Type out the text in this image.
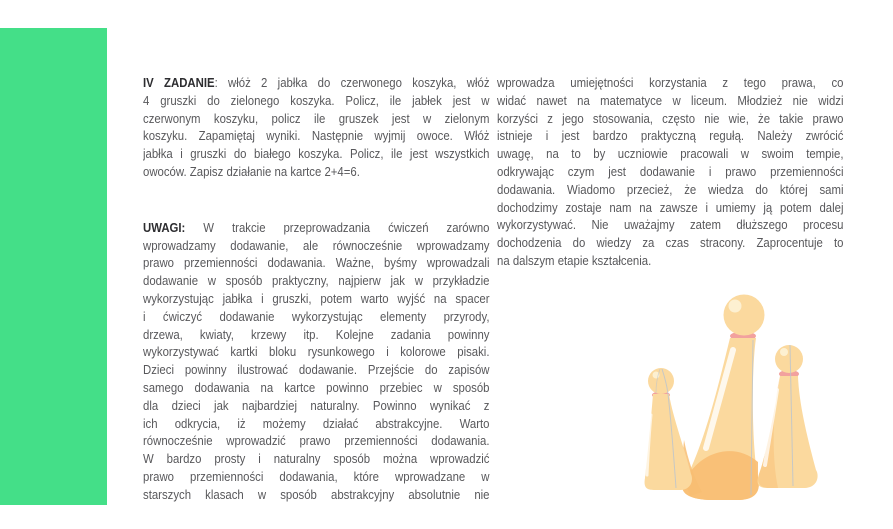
IV ZADANIE: włóż 2 jabłka do czerwonego koszyka, włóż
4 gruszki do zielonego koszyka. Policz, ile jabłek jest w
czerwonym koszyku, policz ile gruszek jest w zielonym
koszyku. Zapamiętaj wyniki. Następnie wyjmij owoce. Włóż
jabłka i gruszki do białego koszyka. Policz, ile jest wszystkich
owoców. Zapisz działanie na kartce 2+4=6.
UWAGI: W trakcie przeprowadzania ćwiczeń zarówno
wprowadzamy dodawanie, ale równocześnie wprowadzamy
prawo przemienności dodawania. Ważne, byśmy wprowadzali
dodawanie w sposób praktyczny, najpierw jak w przykładzie
wykorzystując jabłka i gruszki, potem warto wyjść na spacer
i ćwiczyć dodawanie wykorzystując elementy przyrody,
drzewa, kwiaty, krzewy itp. Kolejne zadania powinny
wykorzystywać kartki bloku rysunkowego i kolorowe pisaki.
Dzieci powinny ilustrować dodawanie. Przejście do zapisów
samego dodawania na kartce powinno przebiec w sposób
dla dzieci jak najbardziej naturalny. Powinno wynikać z
ich odkrycia, iż możemy działać abstrakcyjne. Warto
równocześnie wprowadzić prawo przemienności dodawania.
W bardzo prosty i naturalny sposób można wprowadzić
prawo przemienności dodawania, które wprowadzane w
starszych klasach w sposób abstrakcyjny absolutnie nie
wprowadza umiejętności korzystania z tego prawa, co
widać nawet na matematyce w liceum. Młodzież nie widzi
korzyści z jego stosowania, często nie wie, że takie prawo
istnieje i jest bardzo praktyczną regułą. Należy zwrócić
uwagę, na to by uczniowie pracowali w swoim tempie,
odkrywając czym jest dodawanie i prawo przemienności
dodawania. Wiadomo przecież, że wiedza do której sami
dochodzimy zostaje nam na zawsze i umiemy ją potem dalej
wykorzystywać. Nie uważajmy zatem dłuższego procesu
dochodzenia do wiedzy za czas stracony. Zaprocentuje to
na dalszym etapie kształcenia.
